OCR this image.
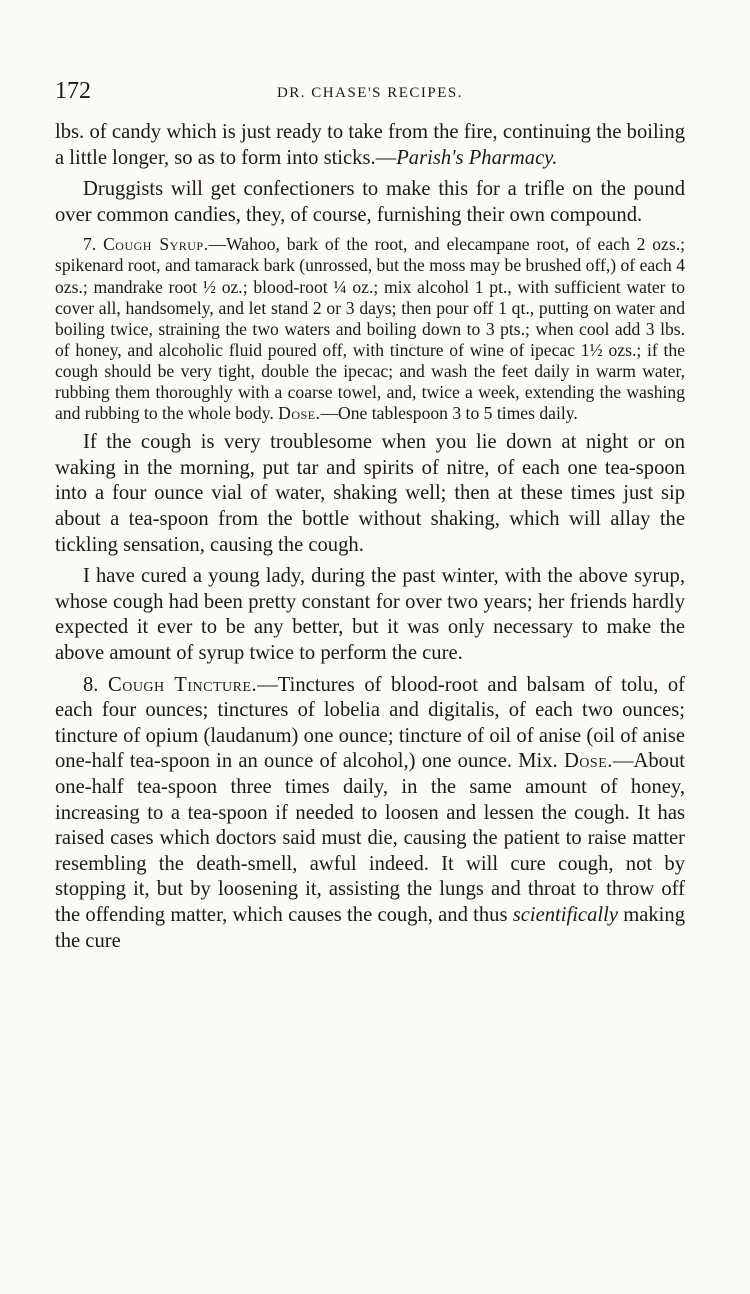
172	DR. CHASE'S RECIPES.

lbs. of candy which is just ready to take from the fire, continuing the boiling a little longer, so as to form into sticks.—Parish's Pharmacy.

Druggists will get confectioners to make this for a trifle on the pound over common candies, they, of course, furnishing their own compound.

7. Cough Syrup.—Wahoo, bark of the root, and elecampane root, of each 2 ozs.; spikenard root, and tamarack bark (unrossed, but the moss may be brushed off,) of each 4 ozs.; mandrake root ½ oz.; blood-root ¼ oz.; mix alcohol 1 pt., with sufficient water to cover all, handsomely, and let stand 2 or 3 days; then pour off 1 qt., putting on water and boiling twice, straining the two waters and boiling down to 3 pts.; when cool add 3 lbs. of honey, and alcoholic fluid poured off, with tincture of wine of ipecac 1½ ozs.; if the cough should be very tight, double the ipecac; and wash the feet daily in warm water, rubbing them thoroughly with a coarse towel, and, twice a week, extending the washing and rubbing to the whole body. Dose.—One tablespoon 3 to 5 times daily.

If the cough is very troublesome when you lie down at night or on waking in the morning, put tar and spirits of nitre, of each one tea-spoon into a four ounce vial of water, shaking well; then at these times just sip about a tea-spoon from the bottle without shaking, which will allay the tickling sensation, causing the cough.

I have cured a young lady, during the past winter, with the above syrup, whose cough had been pretty constant for over two years; her friends hardly expected it ever to be any better, but it was only necessary to make the above amount of syrup twice to perform the cure.

8. Cough Tincture.—Tinctures of blood-root and balsam of tolu, of each four ounces; tinctures of lobelia and digitalis, of each two ounces; tincture of opium (laudanum) one ounce; tincture of oil of anise (oil of anise one-half tea-spoon in an ounce of alcohol,) one ounce. Mix. Dose.—About one-half tea-spoon three times daily, in the same amount of honey, increasing to a tea-spoon if needed to loosen and lessen the cough. It has raised cases which doctors said must die, causing the patient to raise matter resembling the death-smell, awful indeed. It will cure cough, not by stopping it, but by loosening it, assisting the lungs and throat to throw off the offending matter, which causes the cough, and thus scientifically making the cure
